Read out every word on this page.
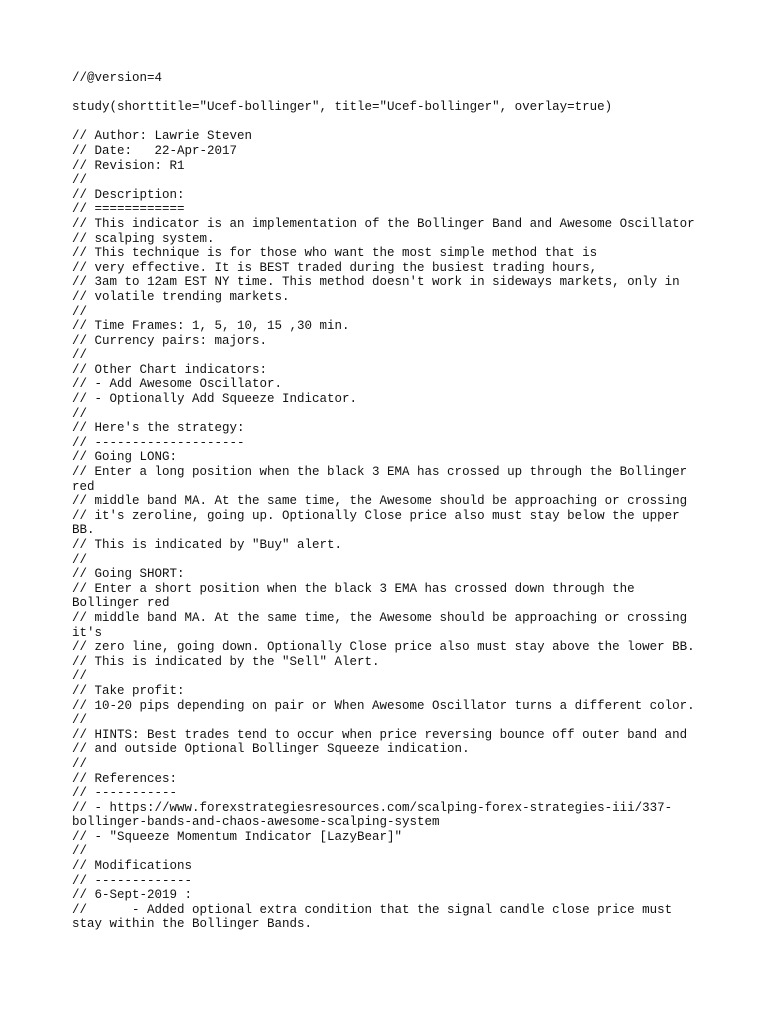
//@version=4
study(shorttitle="Ucef-bollinger", title="Ucef-bollinger", overlay=true)
// Author: Lawrie Steven
// Date:   22-Apr-2017
// Revision: R1
//
// Description:
// ============
// This indicator is an implementation of the Bollinger Band and Awesome Oscillator
// scalping system.
// This technique is for those who want the most simple method that is
// very effective. It is BEST traded during the busiest trading hours,
// 3am to 12am EST NY time. This method doesn't work in sideways markets, only in
// volatile trending markets.
//
// Time Frames: 1, 5, 10, 15 ,30 min.
// Currency pairs: majors.
//
// Other Chart indicators:
// - Add Awesome Oscillator.
// - Optionally Add Squeeze Indicator.
//
// Here's the strategy:
// --------------------
// Going LONG:
// Enter a long position when the black 3 EMA has crossed up through the Bollinger
red
// middle band MA. At the same time, the Awesome should be approaching or crossing
// it's zeroline, going up. Optionally Close price also must stay below the upper
BB.
// This is indicated by "Buy" alert.
//
// Going SHORT:
// Enter a short position when the black 3 EMA has crossed down through the
Bollinger red
// middle band MA. At the same time, the Awesome should be approaching or crossing
it's
// zero line, going down. Optionally Close price also must stay above the lower BB.
// This is indicated by the "Sell" Alert.
//
// Take profit:
// 10-20 pips depending on pair or When Awesome Oscillator turns a different color.
//
// HINTS: Best trades tend to occur when price reversing bounce off outer band and
// and outside Optional Bollinger Squeeze indication.
//
// References:
// -----------
// - https://www.forexstrategiesresources.com/scalping-forex-strategies-iii/337-
bollinger-bands-and-chaos-awesome-scalping-system
// - "Squeeze Momentum Indicator [LazyBear]"
//
// Modifications
// -------------
// 6-Sept-2019 :
//      - Added optional extra condition that the signal candle close price must
stay within the Bollinger Bands.
